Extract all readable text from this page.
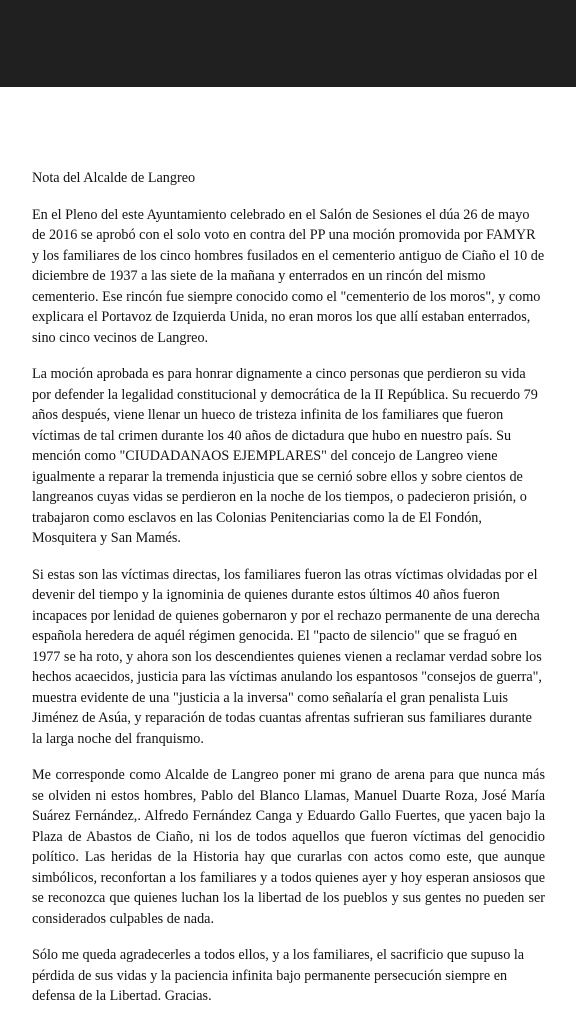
Nota del Alcalde de Langreo

En el Pleno del este Ayuntamiento celebrado en el Salón de Sesiones el dúa 26 de mayo de 2016 se aprobó con el solo voto en contra del PP una moción promovida por FAMYR y los familiares de los cinco hombres fusilados en el cementerio antiguo de Ciaño el 10 de diciembre de 1937 a las siete de la mañana y enterrados en un rincón del mismo cementerio. Ese rincón fue siempre conocido como el "cementerio de los moros", y como explicara el Portavoz de Izquierda Unida, no eran moros los que allí estaban enterrados, sino cinco vecinos de Langreo.

La moción aprobada es para honrar dignamente a cinco personas que perdieron su vida por defender la legalidad constitucional y democrática de la II República. Su recuerdo 79 años después, viene llenar un hueco de tristeza infinita de los familiares que fueron víctimas de tal crimen durante los 40 años de dictadura que hubo en nuestro país. Su mención como "CIUDADANAOS EJEMPLARES" del concejo de Langreo viene igualmente a reparar la tremenda injusticia que se cernió sobre ellos y sobre cientos de langreanos cuyas vidas se perdieron en la noche de los tiempos, o padecieron prisión, o trabajaron como esclavos en las Colonias Penitenciarias como la de El Fondón, Mosquitera y San Mamés.

Si estas son las víctimas directas, los familiares fueron las otras víctimas olvidadas por el devenir del tiempo y la ignominia de quienes durante estos últimos 40 años fueron incapaces por lenidad de quienes gobernaron y por el rechazo permanente de una derecha española heredera de aquél régimen genocida. El "pacto de silencio" que se fraguó en 1977 se ha roto, y ahora son los descendientes quienes vienen a reclamar verdad sobre los hechos acaecidos, justicia para las víctimas anulando los espantosos "consejos de guerra", muestra evidente de una "justicia a la inversa" como señalaría el gran penalista Luis Jiménez de Asúa, y reparación de todas cuantas afrentas sufrieran sus familiares durante la larga noche del franquismo.

Me corresponde como Alcalde de Langreo poner mi grano de arena para que nunca más se olviden ni estos hombres, Pablo del Blanco Llamas, Manuel Duarte Roza, José María Suárez Fernández,. Alfredo Fernández Canga y Eduardo Gallo Fuertes, que yacen bajo la Plaza de Abastos de Ciaño, ni los de todos aquellos que fueron víctimas del genocidio político. Las heridas de la Historia hay que curarlas con actos como este, que aunque simbólicos, reconfortan a los familiares y a todos quienes ayer y hoy esperan ansiosos que se reconozca que quienes luchan los la libertad de los pueblos y sus gentes no pueden ser considerados culpables de nada.

Sólo me queda agradecerles a todos ellos, y a los familiares, el sacrificio que supuso la pérdida de sus vidas y la paciencia infinita bajo permanente persecución siempre en defensa de la Libertad. Gracias.
